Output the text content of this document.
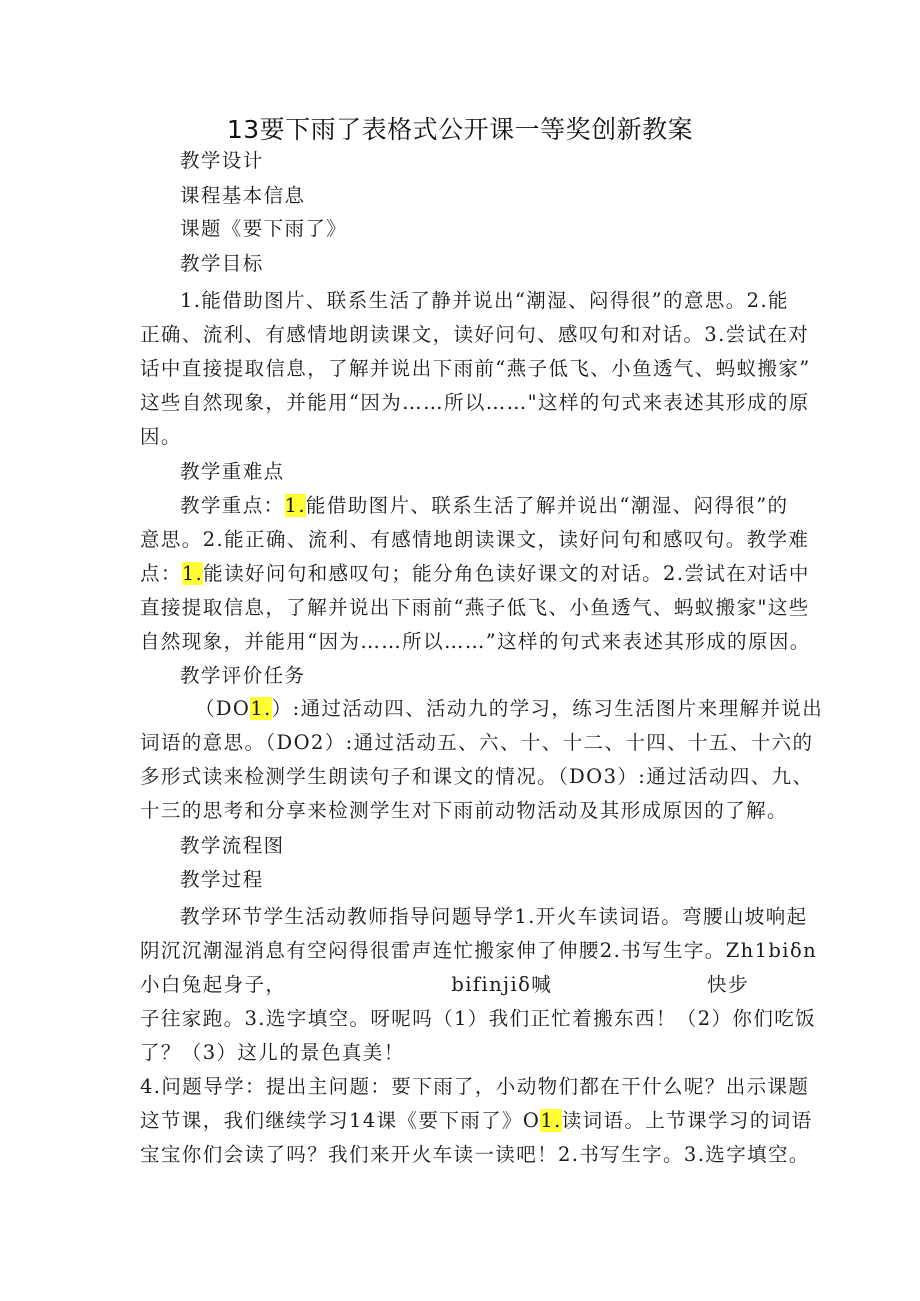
13要下雨了表格式公开课一等奖创新教案
教学设计
课程基本信息
课题《要下雨了》
教学目标
1.能借助图片、联系生活了静并说出“潮湿、闷得很”的意思。2.能
正确、流利、有感情地朗读课文，读好问句、感叹句和对话。3.尝试在对
话中直接提取信息，了解并说出下雨前“燕子低飞、小鱼透气、蚂蚁搬家”
这些自然现象，并能用“因为……所以……"这样的句式来表述其形成的原
因。
教学重难点
教学重点：1.能借助图片、联系生活了解并说出“潮湿、闷得很”的
意思。2.能正确、流利、有感情地朗读课文，读好问句和感叹句。教学难
点：1.能读好问句和感叹句；能分角色读好课文的对话。2.尝试在对话中
直接提取信息，了解并说出下雨前“燕子低飞、小鱼透气、蚂蚁搬家"这些
自然现象，并能用“因为……所以……”这样的句式来表述其形成的原因。
教学评价任务
（DO1.）:通过活动四、活动九的学习，练习生活图片来理解并说出
词语的意思。（DO2）:通过活动五、六、十、十二、十四、十五、十六的
多形式读来检测学生朗读句子和课文的情况。（DO3）:通过活动四、九、
十三的思考和分享来检测学生对下雨前动物活动及其形成原因的了解。
教学流程图
教学过程
教学环节学生活动教师指导问题导学1.开火车读词语。弯腰山坡响起
阴沉沉潮湿消息有空闷得很雷声连忙搬家伸了伸腰2.书写生字。Zh1biδn
小白兔起身子，	bifinjiδ喊	快步
子往家跑。3.选字填空。呀呢吗（1）我们正忙着搬东西！（2）你们吃饭
了？（3）这儿的景色真美！
4.问题导学：提出主问题：要下雨了，小动物们都在干什么呢？出示课题
这节课，我们继续学习14课《要下雨了》O1.读词语。上节课学习的词语
宝宝你们会读了吗？我们来开火车读一读吧！2.书写生字。3.选字填空。
